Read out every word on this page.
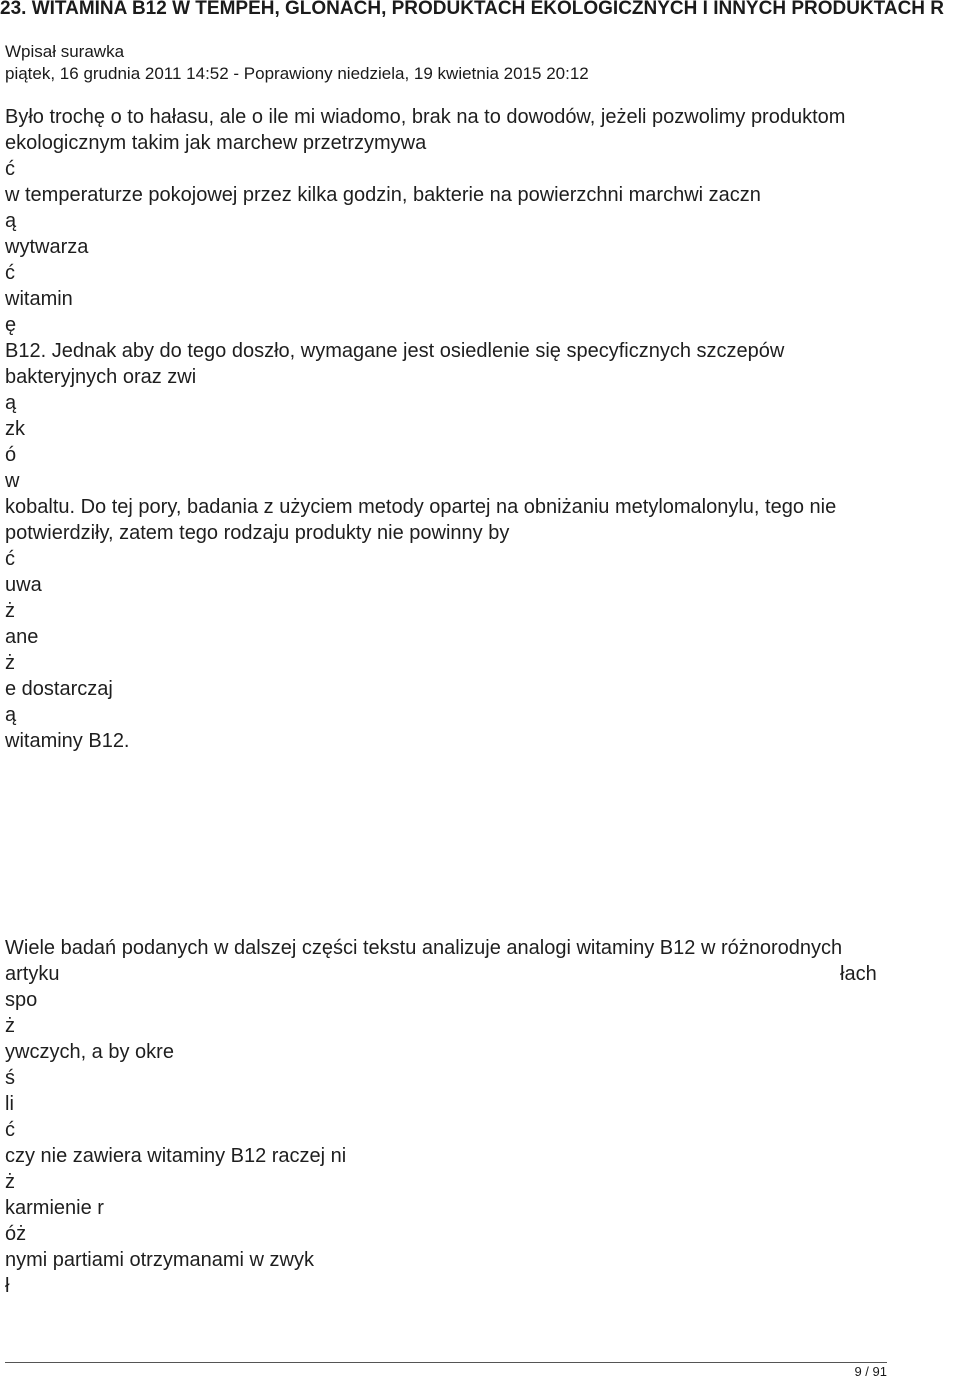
23. WITAMINA B12 W TEMPEH, GLONACH, PRODUKTACH EKOLOGICZNYCH I INNYCH PRODUKTACH R
Wpisał surawka
piątek, 16 grudnia 2011 14:52 - Poprawiony niedziela, 19 kwietnia 2015 20:12
Było trochę o to hałasu, ale o ile mi wiadomo, brak na to dowodów, jeżeli pozwolimy produktom
ekologicznym takim jak marchew przetrzymywa
ć
w temperaturze pokojowej przez kilka godzin, bakterie na powierzchni marchwi zaczn
ą
wytwarza
ć
witamin
ę
B12. Jednak aby do tego doszło, wymagane jest osiedlenie się specyficznych szczepów
bakteryjnych oraz zwi
ą
zk
ó
w
kobaltu. Do tej pory, badania z użyciem metody opartej na obniżaniu metylomalonylu, tego nie
potwierdziły, zatem tego rodzaju produkty nie powinny by
ć
uwa
ż
ane
ż
e dostarczaj
ą
witaminy B12.
Wiele badań podanych w dalszej części tekstu analizuje analogi witaminy B12 w różnorodnych
artyku	łach
spo
ż
ywczych, a by okre
ś
li
ć
czy nie zawiera witaminy B12 raczej ni
ż
karmienie r
óż
nymi partiami otrzymanami w zwyk
ł
9 / 91
